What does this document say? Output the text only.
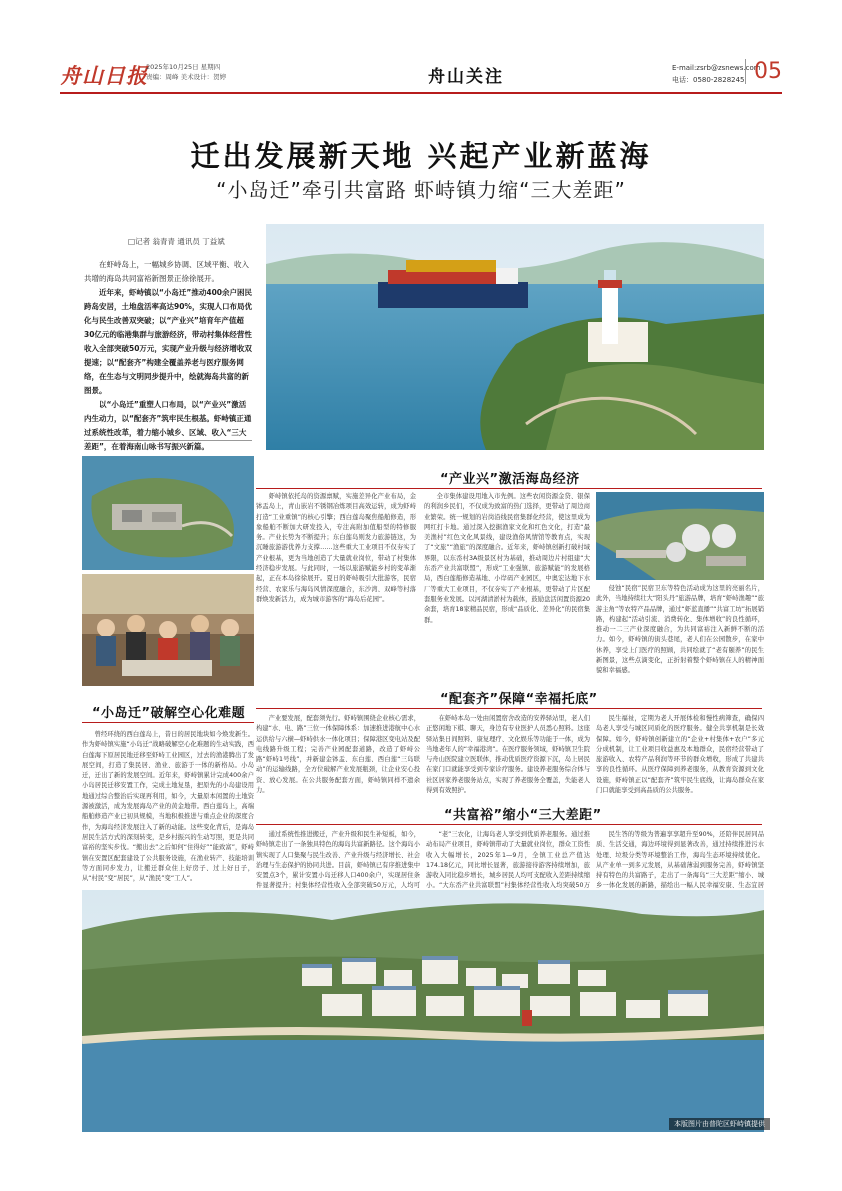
舟山日报
2025年10月25日 星期四
责编：周峰 美术设计：贺婷	舟山关注	E-mail:zsrb@zsnews.com
电话：0580-2828245 05
迁出发展新天地 兴起产业新蓝海
“小岛迁”牵引共富路 虾峙镇力缩“三大差距”
□记者 翁青青 通讯员 丁益斌

在虾峙岛上，一幅城乡协调、区域平衡、收入共增的海岛共同富裕新图景正徐徐展开。

近年来，虾峙镇以“小岛迁”推动400余户困民跨岛安居，土地盘活率高达90%，实现人口布局优化与民生改善双突破；以“产业兴”培育年产值超30亿元的临港集群与旅游经济，带动村集体经营性收入全部突破50万元，实现产业升级与经济增收双提速；以“配套齐”构建全覆盖养老与医疗服务网络，在生态与文明同步提升中，绘就海岛共富的新图景。

以“小岛迁”重塑人口布局，以“产业兴”激活内生动力，以“配套齐”筑牢民生根基。虾峙镇正通过系统性改革，着力缩小城乡、区域、收入“三大差距”，在着海南山咏书写振兴新篇。

“产业兴”激活海岛经济

虾峙镇依托岛的资源禀赋，实施差异化产业布局，金钵盂岛上，青山嵌岩不锈钢冶炼项目高效运转，成为虾峙打造“工业重镇”的核心引擎；西白莲岛聚焦船舶修造，形象船舶不断加大研发投入，专注高附加值船型的特修服务。产业长势为不断提升；东白莲岛则发力旅游链这，为沉睡旅游游优养力支撑……这些重大工业项目不仅夯实了产业根基，更为当地创造了大量就业岗位，带动了村集体经济稳步发展。与此同时，一场以旅游赋能乡村的变革渐起，正在本岛徐徐展开。夏日的虾峙吸引大批游客，民宿经营、农家乐与海岛风情深度融合，东沙湾、双峰等村落群焕发新活力，成为城市游客的“海岛后花园”。

全市集体建设用地入市先例。这些农闲资源金贷、银保的利润乡民们，不仅成为致富的热门选择，更带动了周边商业繁荣。统一规划的岩岗沿线民宿集群化经营，使这里成为网红打卡地。通过深入挖掘渔家文化和红色文化，打造“最美渔村”红色文化风景线，建设渔俗风情馆等教育点，实现了“文旅”“渔旅”的深度融合。近年来，虾峙镇创新打破村域界限，以东岙村3A级景区村为基础，推动周边片村组建“大东岙产业共富联盟”，形成“工业强镇、旅游赋能”的发展格局，西白莲船修造基地、小岸码产业园区，中奥宏达地下水厂等重大工业项目，不仅夯实了产业根基，更带动了片区配套服务业发展。以河湖清淤村为载体，鼓励盘活闲置资源20余套，培育18家精品民宿，形成“品质化、差异化”的民宿集群。

侵蚀“民宿”民宿卫东等特色活动成为这里的亮丽名片，此外，当地持续壮大“阳头丹”旅游品牌，培育“虾峙渔趣”“旅游主角”等农特产品品牌，通过“虾蓝直播”“共富工坊”拓展销路，构建起“活动引流、消费转化、集体增收”的良性循环，推动一二三产业深度融合，为共同富裕注入新鲜不断的活力。如今，虾峙镇的街头巷尾，老人们在公园散步，在家中休养，享受上门医疗的照顾，共同绘就了“老有颐养”的民生新图景，这些点滴变化，正折射着整个虾峙镇在人的精神面貌和幸福感。

“小岛迁”破解空心化难题

曾经环绕的西白莲岛上，昔日的居民地块如今焕发新生。作为虾峙镇实施“小岛迁”战略破解空心化难题的生动实践，西白莲海下原居民地迁移至虾峙工业园区，过去的渔港腾出了发展空间，打造了集民居、渔业、旅游于一体的新格局。小岛迁，迁出了新的发展空间。近年来，虾峙镇累计完成400余户小岛居民迁移安置工作，完成土地复垦，把原先的小岛建设用地通过综合整治后实现再利用，如今，大量原本闲置的土地资源被激活，成为发展海岛产业的黄金地带。西白莲岛上，高端船舶修造产业已初具规模，当地积极推进与重点企业的深度合作，为海岛经济发展注入了新的动能。这些变化背后，是海岛居民生活方式的深刻转变，是乡村振兴的生动写照，更是共同富裕的坚实步伐。“搬出去”之后如何“住得好”“能致富”，虾峙镇在安置区配套建设了公共服务设施，在渔业转产、技能培训等方面同步发力，让搬迁群众住上好房子、过上好日子，从“村民”变“居民”，从“渔民”变“工人”。

“配套齐”保障“幸福托底”

产业要发展，配套须先行。虾峙镇围绕企业核心需求，构建“水、电、路”三位一体保障体系：加速推进港航中心水运供给与六横—虾峙供水一体化项目；保障港区变电站及配电线路升级工程；完善产业园配套道路，改造了虾峙公路“虾峙1号线”，并新建金钵盂、东白莲、西白莲“三岛联动”的运输线路，全方位破解产业发展瓶颈，让企业安心投资、放心发展。在公共服务配套方面，虾峙镇同样不遗余力。

在虾峙本岛一处由闲置宿舍改造的安养驿站里，老人们正悠闲地下棋、聊天，身边有专业医护人员悉心照料。这座驿站集日间照料、康复理疗、文化娱乐等功能于一体，成为当地老年人的“幸福港湾”。在医疗服务领域，虾峙镇卫生院与舟山医院建立医联体，推动优质医疗资源下沉，岛上居民在家门口就能享受到专家诊疗服务。建设养老服务综合体与社区居家养老服务站点，实现了养老服务全覆盖，失能老人得到有效照护。

民生福祉，定期为老人开展体检和慢性病筛查，确保四岛老人享受与城区同质化的医疗服务。健全共享机制是长效保障。如今，虾峙镇创新建立的“企业+村集体+农户”多元分成机制，让工业项目收益惠及本地群众，民宿经营带动了旅游收入、农特产品利润等环节的群众增收，形成了共建共享的良性循环。从医疗保障到养老服务，从教育资源到文化设施，虾峙镇正以“配套齐”筑牢民生底线，让海岛群众在家门口就能享受到高品质的公共服务。

“共富裕”缩小“三大差距”

通过系统性推进搬迁，产业升级和民生补短板，如今，虾峙镇走出了一条独具特色的海岛共富新路径。这个海岛小镇实现了人口集聚与民生改善、产业升级与经济增长、社会治理与生态保护的协同共进。目前，虾峙镇已有序推进集中安置点3个，累计安置小岛迁移人口400余户，实现居住条件显著提升；村集体经营性收入全部突破50万元，人均可

“老”三农化，让海岛老人享受到优质养老服务。通过推动布局产业项目，虾峙镇带动了大量就业岗位，群众工资性收入大幅增长，2025年1—9月，全镇工业总产值达174.18亿元，同比增长显著，旅游接待游客持续增加，旅游收入同比稳步增长，城乡居民人均可支配收入差距持续缩小。“大东岙产业共富联盟”村集体经营性收入均突破50万

民生答的等级为普遍享享超升至90%，还陪伴民居同品质、生活交通，海边环境得到显著改善，通过持续推进污水处理、垃圾分类等环境整治工作，海岛生态环境持续优化。从产业单一到多元发展，从基础薄弱到服务完善，虾峙镇坚持有特色的共富路子，走出了一条海岛“三大差距”缩小、城乡一体化发展的新路，描绘出一幅人民幸福安康、生态宜居

本版图片由普陀区虾峙镇提供
